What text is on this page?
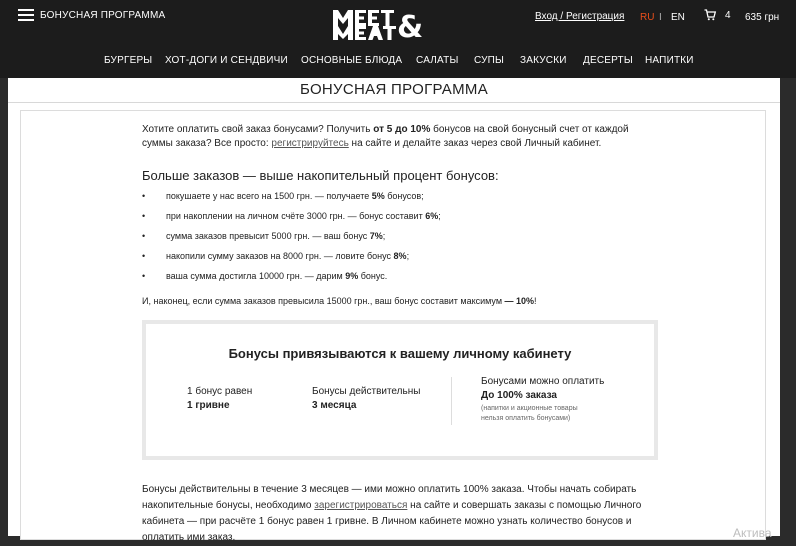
БОНУСНАЯ ПРОГРАММА	&	Вход / Регистрация RU I EN	4 635 грн
БУРГЕРЫ ХОТ-ДОГИ И СЕНДВИЧИ ОСНОВНЫЕ БЛЮДА САЛАТЫ СУПЫ ЗАКУСКИ ДЕСЕРТЫ НАПИТКИ
БОНУСНАЯ ПРОГРАММА
Хотите оплатить свой заказ бонусами? Получить от 5 до 10% бонусов на свой бонусный счет от каждой суммы заказа? Все просто: регистрируйтесь на сайте и делайте заказ через свой Личный кабинет.
Больше заказов — выше накопительный процент бонусов:
• покушаете у нас всего на 1500 грн. — получаете 5% бонусов;
• при накоплении на личном счёте 3000 грн. — бонус составит 6%;
• сумма заказов превысит 5000 грн. — ваш бонус 7%;
• накопили сумму заказов на 8000 грн. — ловите бонус 8%;
• ваша сумма достигла 10000 грн. — дарим 9% бонус.
И, наконец, если сумма заказов превысила 15000 грн., ваш бонус составит максимум — 10%!
Бонусы привязываются к вашему личному кабинету
1 бонус равен
1 гривне
Бонусы действительны
3 месяца
Бонусами можно оплатить
До 100% заказа
(напитки и акционные товары
нельзя оплатить бонусами)
Бонусы действительны в течение 3 месяцев — ими можно оплатить 100% заказа. Чтобы начать собирать накопительные бонусы, необходимо зарегистрироваться на сайте и совершать заказы с помощью Личного кабинета — при расчёте 1 бонус равен 1 гривне. В Личном кабинете можно узнать количество бонусов и оплатить ими заказ.	Актива
